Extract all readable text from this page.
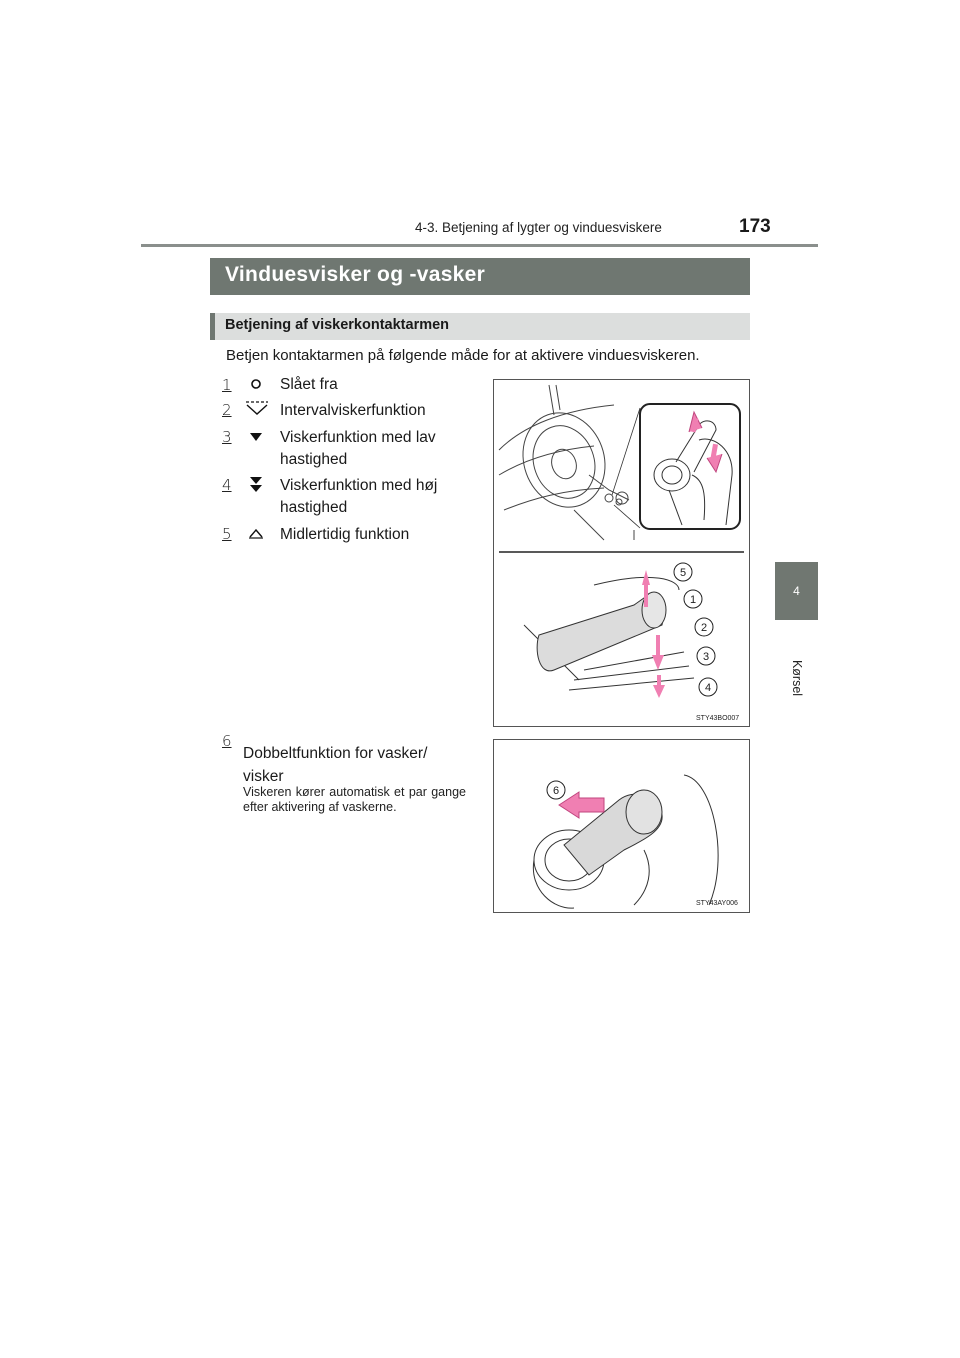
4-3. Betjening af lygter og vinduesviskere	173
4
Kørsel
Vinduesvisker og -vasker
Betjening af viskerkontaktarmen
Betjen kontaktarmen på følgende måde for at aktivere vinduesviskeren.
1	Slået fra
2	Intervalviskerfunktion
3	Viskerfunktion med lav
hastighed
4	Viskerfunktion med høj
hastighed
5	Midlertidig funktion
5
1
2
3
4
STY43BO007
6
Dobbeltfunktion for vasker/
visker
Viskeren kører automatisk et par gange efter aktivering af vaskerne.
6
STY43AY006
